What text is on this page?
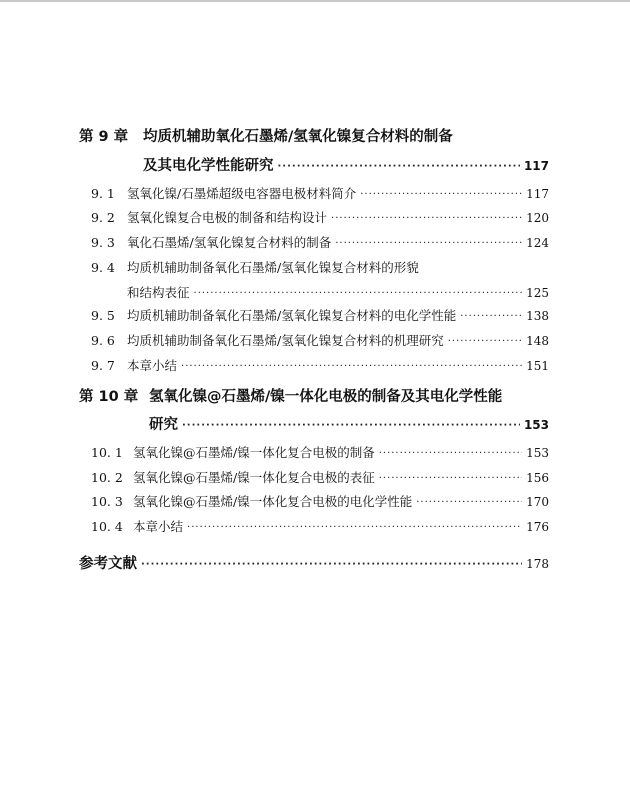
第 9 章	均质机辅助氧化石墨烯/氢氧化镍复合材料的制备
及其电化学性能研究 ·····	117
9. 1 氢氧化镍/石墨烯超级电容器电极材料简介 ·····	117
9. 2 氢氧化镍复合电极的制备和结构设计 ·····	120
9. 3 氧化石墨烯/氢氧化镍复合材料的制备 ·····	124
9. 4 均质机辅助制备氧化石墨烯/氢氧化镍复合材料的形貌
和结构表征 ·····	125
9. 5 均质机辅助制备氧化石墨烯/氢氧化镍复合材料的电化学性能 ·····	138
9. 6 均质机辅助制备氧化石墨烯/氢氧化镍复合材料的机理研究 ·····	148
9. 7 本章小结 ·····	151
第 10 章 氢氧化镍@石墨烯/镍一体化电极的制备及其电化学性能
研究 ·····	153
10. 1 氢氧化镍@石墨烯/镍一体化复合电极的制备 ·····	153
10. 2 氢氧化镍@石墨烯/镍一体化复合电极的表征 ·····	156
10. 3 氢氧化镍@石墨烯/镍一体化复合电极的电化学性能 ·····	170
10. 4 本章小结 ·····	176
参考文献 ·····	178
